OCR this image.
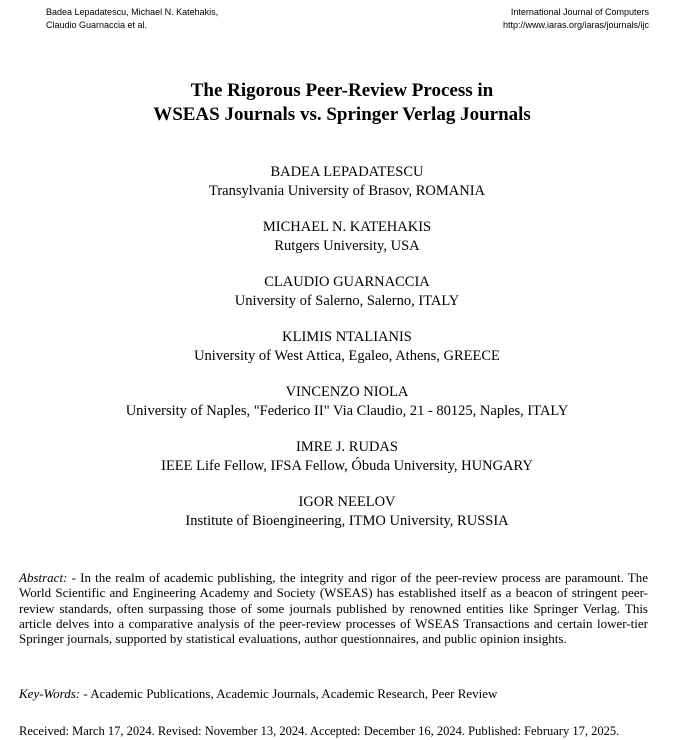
Badea Lepadatescu, Michael N. Katehakis,
Claudio Guarnaccia et al.
International Journal of Computers
http://www.iaras.org/iaras/journals/ijc
The Rigorous Peer-Review Process in
WSEAS Journals vs. Springer Verlag Journals
BADEA LEPADATESCU
Transylvania University of Brasov, ROMANIA
MICHAEL N. KATEHAKIS
Rutgers University, USA
CLAUDIO GUARNACCIA
University of Salerno, Salerno, ITALY
KLIMIS NTALIANIS
University of West Attica, Egaleo, Athens, GREECE
VINCENZO NIOLA
University of Naples, "Federico II" Via Claudio, 21 - 80125, Naples, ITALY
IMRE J. RUDAS
IEEE Life Fellow, IFSA Fellow, Óbuda University, HUNGARY
IGOR NEELOV
Institute of Bioengineering, ITMO University, RUSSIA
Abstract: - In the realm of academic publishing, the integrity and rigor of the peer-review process are paramount. The World Scientific and Engineering Academy and Society (WSEAS) has established itself as a beacon of stringent peer-review standards, often surpassing those of some journals published by renowned entities like Springer Verlag. This article delves into a comparative analysis of the peer-review processes of WSEAS Transactions and certain lower-tier Springer journals, supported by statistical evaluations, author questionnaires, and public opinion insights.
Key-Words: - Academic Publications, Academic Journals, Academic Research, Peer Review
Received: March 17, 2024. Revised: November 13, 2024. Accepted: December 16, 2024. Published: February 17, 2025.
